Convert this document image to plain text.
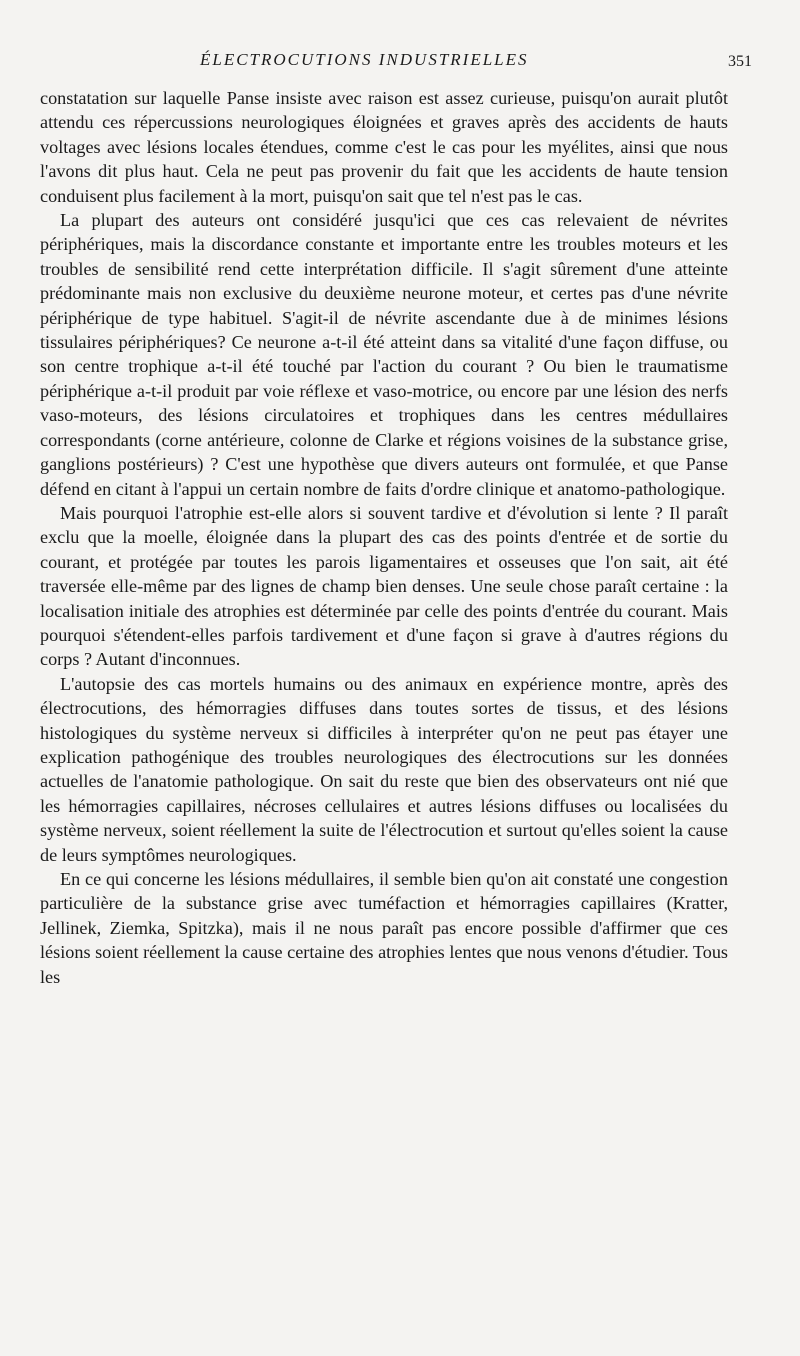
ÉLECTROCUTIONS INDUSTRIELLES	351

constatation sur laquelle Panse insiste avec raison est assez curieuse, puisqu'on aurait plutôt attendu ces répercussions neurologiques éloignées et graves après des accidents de hauts voltages avec lésions locales étendues, comme c'est le cas pour les myélites, ainsi que nous l'avons dit plus haut. Cela ne peut pas provenir du fait que les accidents de haute tension conduisent plus facilement à la mort, puisqu'on sait que tel n'est pas le cas.

La plupart des auteurs ont considéré jusqu'ici que ces cas relevaient de névrites périphériques, mais la discordance constante et importante entre les troubles moteurs et les troubles de sensibilité rend cette interprétation difficile. Il s'agit sûrement d'une atteinte prédominante mais non exclusive du deuxième neurone moteur, et certes pas d'une névrite périphérique de type habituel. S'agit-il de névrite ascendante due à de minimes lésions tissulaires périphériques? Ce neurone a-t-il été atteint dans sa vitalité d'une façon diffuse, ou son centre trophique a-t-il été touché par l'action du courant ? Ou bien le traumatisme périphérique a-t-il produit par voie réflexe et vaso-motrice, ou encore par une lésion des nerfs vaso-moteurs, des lésions circulatoires et trophiques dans les centres médullaires correspondants (corne antérieure, colonne de Clarke et régions voisines de la substance grise, ganglions postérieurs) ? C'est une hypothèse que divers auteurs ont formulée, et que Panse défend en citant à l'appui un certain nombre de faits d'ordre clinique et anatomo-pathologique.

Mais pourquoi l'atrophie est-elle alors si souvent tardive et d'évolution si lente ? Il paraît exclu que la moelle, éloignée dans la plupart des cas des points d'entrée et de sortie du courant, et protégée par toutes les parois ligamentaires et osseuses que l'on sait, ait été traversée elle-même par des lignes de champ bien denses. Une seule chose paraît certaine : la localisation initiale des atrophies est déterminée par celle des points d'entrée du courant. Mais pourquoi s'étendent-elles parfois tardivement et d'une façon si grave à d'autres régions du corps ? Autant d'inconnues.

L'autopsie des cas mortels humains ou des animaux en expérience montre, après des électrocutions, des hémorragies diffuses dans toutes sortes de tissus, et des lésions histologiques du système nerveux si difficiles à interpréter qu'on ne peut pas étayer une explication pathogénique des troubles neurologiques des électrocutions sur les données actuelles de l'anatomie pathologique. On sait du reste que bien des observateurs ont nié que les hémorragies capillaires, nécroses cellulaires et autres lésions diffuses ou localisées du système nerveux, soient réellement la suite de l'électrocution et surtout qu'elles soient la cause de leurs symptômes neurologiques.

En ce qui concerne les lésions médullaires, il semble bien qu'on ait constaté une congestion particulière de la substance grise avec tuméfaction et hémorragies capillaires (Kratter, Jellinek, Ziemka, Spitzka), mais il ne nous paraît pas encore possible d'affirmer que ces lésions soient réellement la cause certaine des atrophies lentes que nous venons d'étudier. Tous les
